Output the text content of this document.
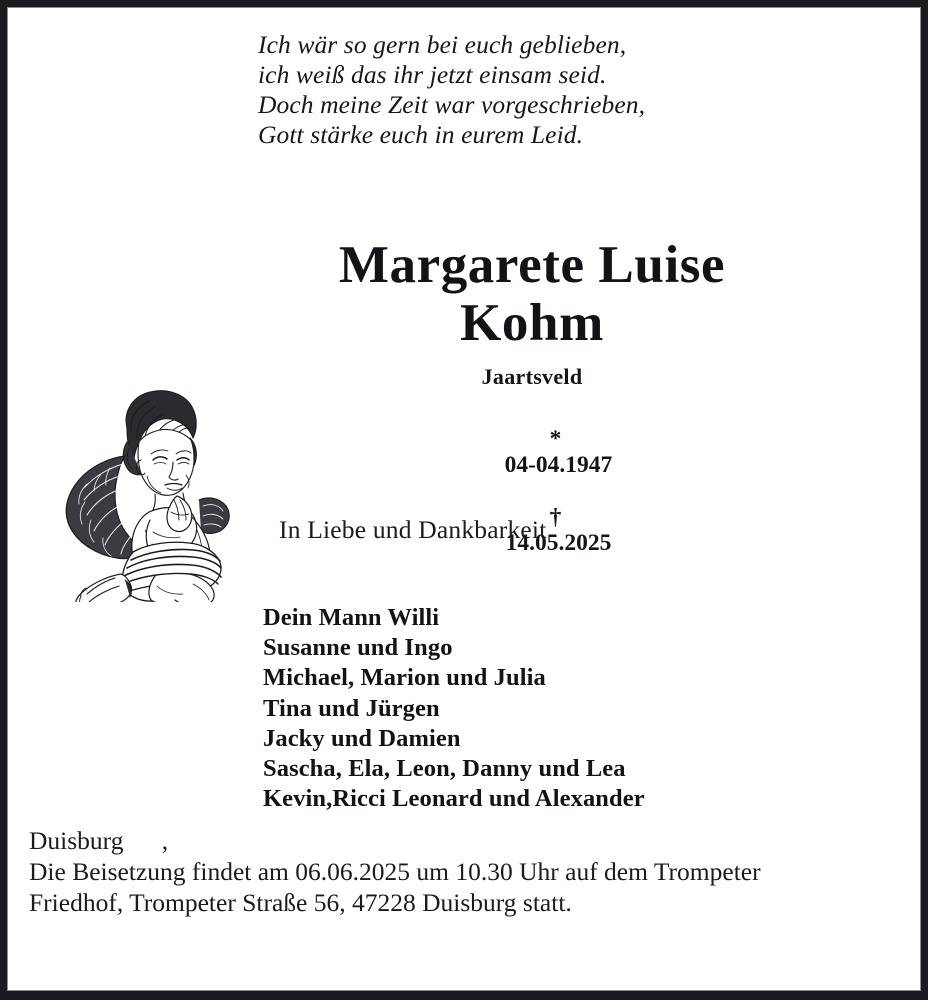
Ich wär so gern bei euch geblieben,
ich weiß das ihr jetzt einsam seid.
Doch meine Zeit war vorgeschrieben,
Gott stärke euch in eurem Leid.
Margarete Luise
Kohm
Jaartsveld

*
04-04.1947

†
14.05.2025

In Liebe und Dankbarkeit
Dein Mann Willi
Susanne und Ingo
Michael, Marion und Julia
Tina und Jürgen
Jacky und Damien
Sascha, Ela, Leon, Danny und Lea
Kevin,Ricci Leonard und Alexander
Duisburg      ,
Die Beisetzung findet am 06.06.2025 um 10.30 Uhr auf dem Trompeter
Friedhof, Trompeter Straße 56, 47228 Duisburg statt.
